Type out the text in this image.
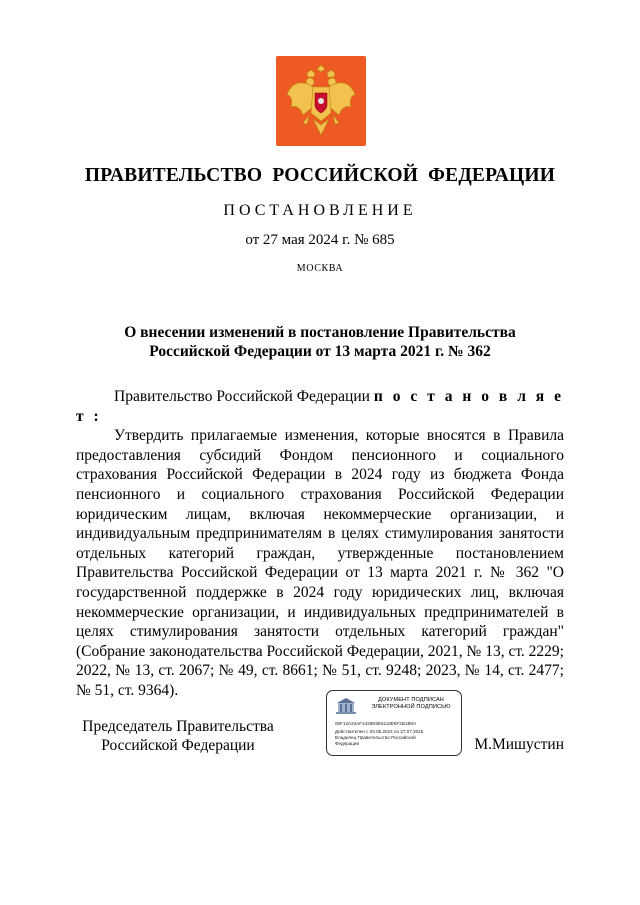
ПРАВИТЕЛЬСТВО РОССИЙСКОЙ ФЕДЕРАЦИИ
ПОСТАНОВЛЕНИЕ
от 27 мая 2024 г. № 685
МОСКВА
О внесении изменений в постановление Правительства
Российской Федерации от 13 марта 2021 г. № 362

Правительство Российской Федерации п о с т а н о в л я е т :

Утвердить прилагаемые изменения, которые вносятся в Правила предоставления субсидий Фондом пенсионного и социального страхования Российской Федерации в 2024 году из бюджета Фонда пенсионного и социального страхования Российской Федерации юридическим лицам, включая некоммерческие организации, и индивидуальным предпринимателям в целях стимулирования занятости отдельных категорий граждан, утвержденные постановлением Правительства Российской Федерации от 13 марта 2021 г. № 362 "О государственной поддержке в 2024 году юридических лиц, включая некоммерческие организации, и индивидуальных предпринимателей в целях стимулирования занятости отдельных категорий граждан" (Собрание законодательства Российской Федерации, 2021, № 13, ст. 2229; 2022, № 13, ст. 2067; № 49, ст. 8661; № 51, ст. 9248; 2023, № 14, ст. 2477; № 51, ст. 9364).

Председатель Правительства
Российской Федерации
ДОКУМЕНТ ПОДПИСАН
ЭЛЕКТРОННОЙ ПОДПИСЬЮ
00F12A24AF4426E5E6118E6F2B1B0A
Действителен с 03.05.2024 по 27.07.2025
Владелец Правительство Российской
Федерации	М.Мишустин
